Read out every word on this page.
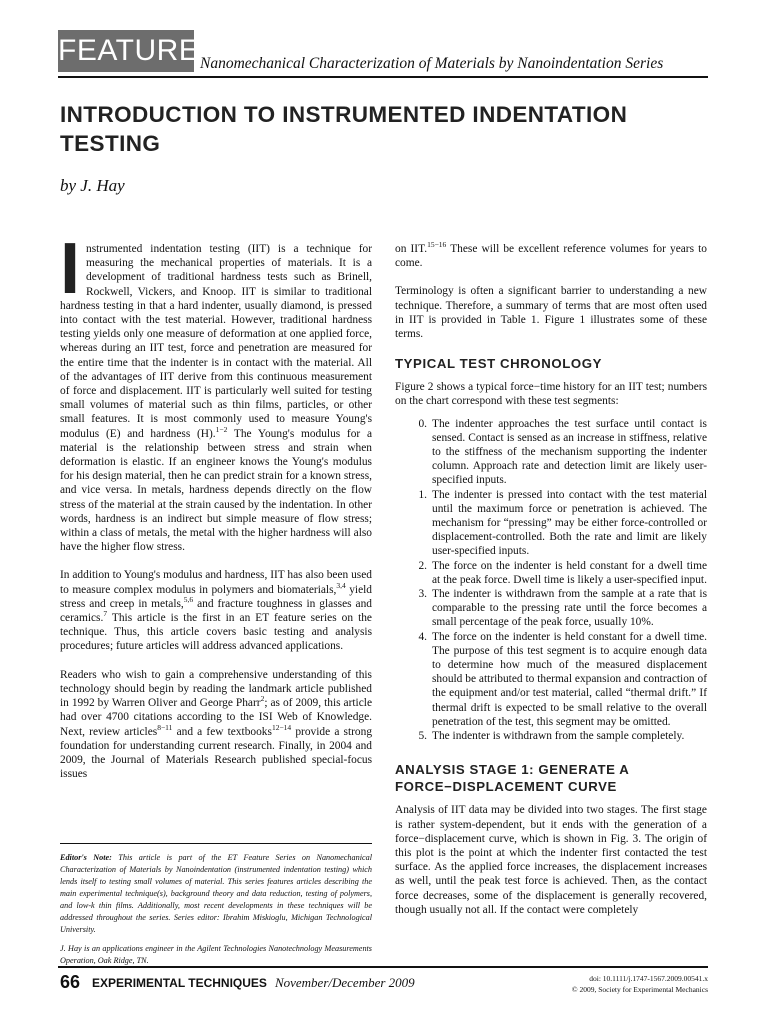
FEATURE Nanomechanical Characterization of Materials by Nanoindentation Series
INTRODUCTION TO INSTRUMENTED INDENTATION TESTING
by J. Hay

Instrumented indentation testing (IIT) is a technique for measuring the mechanical properties of materials. It is a development of traditional hardness tests such as Brinell, Rockwell, Vickers, and Knoop. IIT is similar to traditional hardness testing in that a hard indenter, usually diamond, is pressed into contact with the test material. However, traditional hardness testing yields only one measure of deformation at one applied force, whereas during an IIT test, force and penetration are measured for the entire time that the indenter is in contact with the material. All of the advantages of IIT derive from this continuous measurement of force and displacement. IIT is particularly well suited for testing small volumes of material such as thin films, particles, or other small features. It is most commonly used to measure Young's modulus (E) and hardness (H).$^{1-2}$ The Young's modulus for a material is the relationship between stress and strain when deformation is elastic. If an engineer knows the Young's modulus for his design material, then he can predict strain for a known stress, and vice versa. In metals, hardness depends directly on the flow stress of the material at the strain caused by the indentation. In other words, hardness is an indirect but simple measure of flow stress; within a class of metals, the metal with the higher hardness will also have the higher flow stress.

In addition to Young's modulus and hardness, IIT has also been used to measure complex modulus in polymers and biomaterials,$^{3,4}$ yield stress and creep in metals,$^{5,6}$ and fracture toughness in glasses and ceramics.$^7$ This article is the first in an ET feature series on the technique. Thus, this article covers basic testing and analysis procedures; future articles will address advanced applications.

Readers who wish to gain a comprehensive understanding of this technology should begin by reading the landmark article published in 1992 by Warren Oliver and George Pharr$^2$; as of 2009, this article had over 4700 citations according to the ISI Web of Knowledge. Next, review articles$^{8-11}$ and a few textbooks$^{12-14}$ provide a strong foundation for understanding current research. Finally, in 2004 and 2009, the Journal of Materials Research published special-focus issues

Editor's Note: This article is part of the ET Feature Series on Nanomechanical Characterization of Materials by Nanoindentation (instrumented indentation testing) which lends itself to testing small volumes of material. This series features articles describing the main experimental technique(s), background theory and data reduction, testing of polymers, and low-k thin films. Additionally, most recent developments in these techniques will be addressed throughout the series. Series editor: Ibrahim Miskioglu, Michigan Technological University.

J. Hay is an applications engineer in the Agilent Technologies Nanotechnology Measurements Operation, Oak Ridge, TN.

on IIT.$^{15-16}$ These will be excellent reference volumes for years to come.

Terminology is often a significant barrier to understanding a new technique. Therefore, a summary of terms that are most often used in IIT is provided in Table 1. Figure 1 illustrates some of these terms.

TYPICAL TEST CHRONOLOGY

Figure 2 shows a typical force−time history for an IIT test; numbers on the chart correspond with these test segments:

0. The indenter approaches the test surface until contact is sensed. Contact is sensed as an increase in stiffness, relative to the stiffness of the mechanism supporting the indenter column. Approach rate and detection limit are likely user-specified inputs.
1. The indenter is pressed into contact with the test material until the maximum force or penetration is achieved. The mechanism for “pressing” may be either force-controlled or displacement-controlled. Both the rate and limit are likely user-specified inputs.
2. The force on the indenter is held constant for a dwell time at the peak force. Dwell time is likely a user-specified input.
3. The indenter is withdrawn from the sample at a rate that is comparable to the pressing rate until the force becomes a small percentage of the peak force, usually 10%.
4. The force on the indenter is held constant for a dwell time. The purpose of this test segment is to acquire enough data to determine how much of the measured displacement should be attributed to thermal expansion and contraction of the equipment and/or test material, called “thermal drift.” If thermal drift is expected to be small relative to the overall penetration of the test, this segment may be omitted.
5. The indenter is withdrawn from the sample completely.
ANALYSIS STAGE 1: GENERATE A FORCE−DISPLACEMENT CURVE

Analysis of IIT data may be divided into two stages. The first stage is rather system-dependent, but it ends with the generation of a force−displacement curve, which is shown in Fig. 3. The origin of this plot is the point at which the indenter first contacted the test surface. As the applied force increases, the displacement increases as well, until the peak test force is achieved. Then, as the contact force decreases, some of the displacement is generally recovered, though usually not all. If the contact were completely

66 EXPERIMENTAL TECHNIQUES November/December 2009	doi: 10.1111/j.1747-1567.2009.00541.x
© 2009, Society for Experimental Mechanics
